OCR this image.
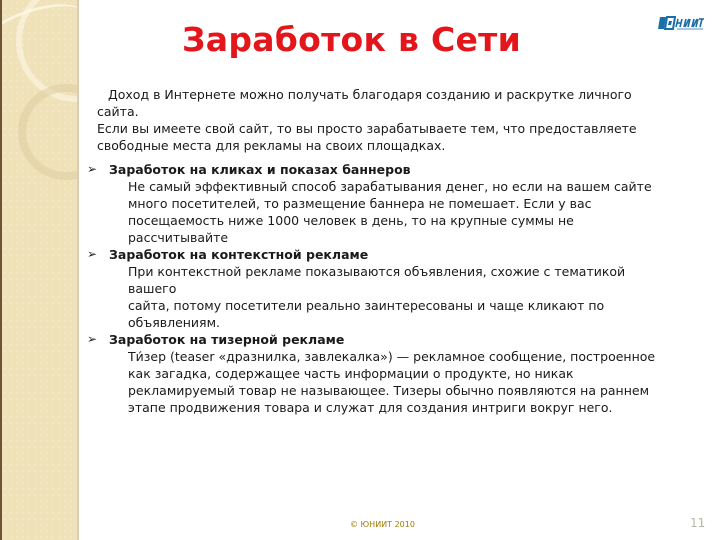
Заработок в Сети
Доход в Интернете можно получать благодаря созданию и раскрутке личного сайта.
Если вы имеете свой сайт, то вы просто зарабатываете тем, что предоставляете
свободные места для рекламы на своих площадках.
➢ Заработок на кликах и показах баннеров
Не самый эффективный способ зарабатывания денег, но если на вашем сайте
много посетителей, то размещение баннера не помешает. Если у вас
посещаемость ниже 1000 человек в день, то на крупные суммы не рассчитывайте
➢ Заработок на контекстной рекламе
При контекстной рекламе показываются объявления, схожие с тематикой вашего
сайта, потому посетители реально заинтересованы и чаще кликают по
объявлениям.
➢ Заработок на тизерной рекламе
Ти́зер (teaser «дразнилка, завлекалка») — рекламное сообщение, построенное
как загадка, содержащее часть информации о продукте, но никак
рекламируемый товар не называющее. Тизеры обычно появляются на раннем
этапе продвижения товара и служат для создания интриги вокруг него.
© ЮНИИТ 2010	11
